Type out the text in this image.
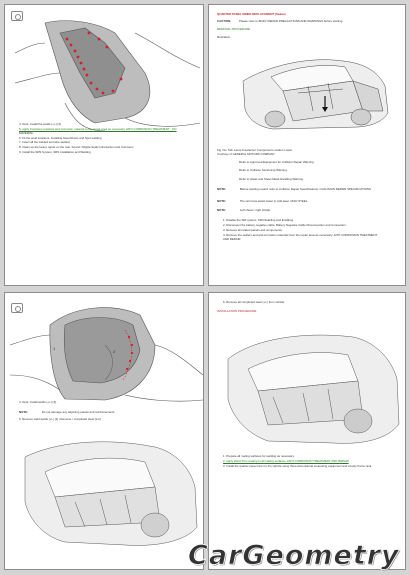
4. Note: Install the welds (+/-) [3].
5. apply Corrosion resistant and Corrosion material to the repair area as necessary. ANTI-CORROSION TREATMENT - NO
MATERIAL
6. Fit the weld locations. Installing Steel Rivets and Spot welding
7. Insert all the welded and wire welded
8. Clean up the heavy repair on the rear. Sound / Ripple Seals Introduction and Corrosion
9. Install the SRS System. SRS Installation and Welding
QUARTER PANEL INNER REPLACEMENT (Sedan)
CAUTION:	Please refer to BODY REPAIR PRECAUTIONS AND WARNINGS before starting.
REMOVAL PROCEDURE
Illustration
Fig. No. Tab: Lamp Freelancer Component Location Lower
Courtesy of GENERAL MOTORS COMPANY
Refer to Approved Equipment for Collision Repair Warning.
Refer to Collision Sectioning Warning.
Refer to Glass and Sheet Metal Handling Warning.
NOTE:	Before starting repairs refer to Collision Repair Specifications. COLLISION REPAIR SPECIFICATIONS
NOTE:	The rail cross assist lower is mild steel. MILD STEEL
NOTE:	Left shown, right similar.
1. Disable the SIR system. SIR Disabling and Enabling
2. Disconnect the battery negative cable. Battery Negative Cable Disconnection and Connection
3. Remove all related panels and components.
4. Remove the sealers and anti-corrosion materials from the repair area as necessary. ANTI-CORROSION TREATMENT
AND REPAIR
1
2
4. Note: Install welds (+/-) [3].
NOTE:	Do not damage any adjoining panels and reinforcements.
5. Remove weld welds (+/-) [1] / Remove / completed steel [1-2]
6. Remove all completed steel (+/-) from vehicle.
INSTALLATION PROCEDURE
1. Prepare all mating surfaces for welding as necessary.
2. apply Weld-Thru coating to all mating surfaces. ANTI-CORROSION TREATMENT AND REPAIR
3. Install the quarter panel inner to the vehicle using three-dimensional measuring equipment and a body frame rack.
CarGeometry
